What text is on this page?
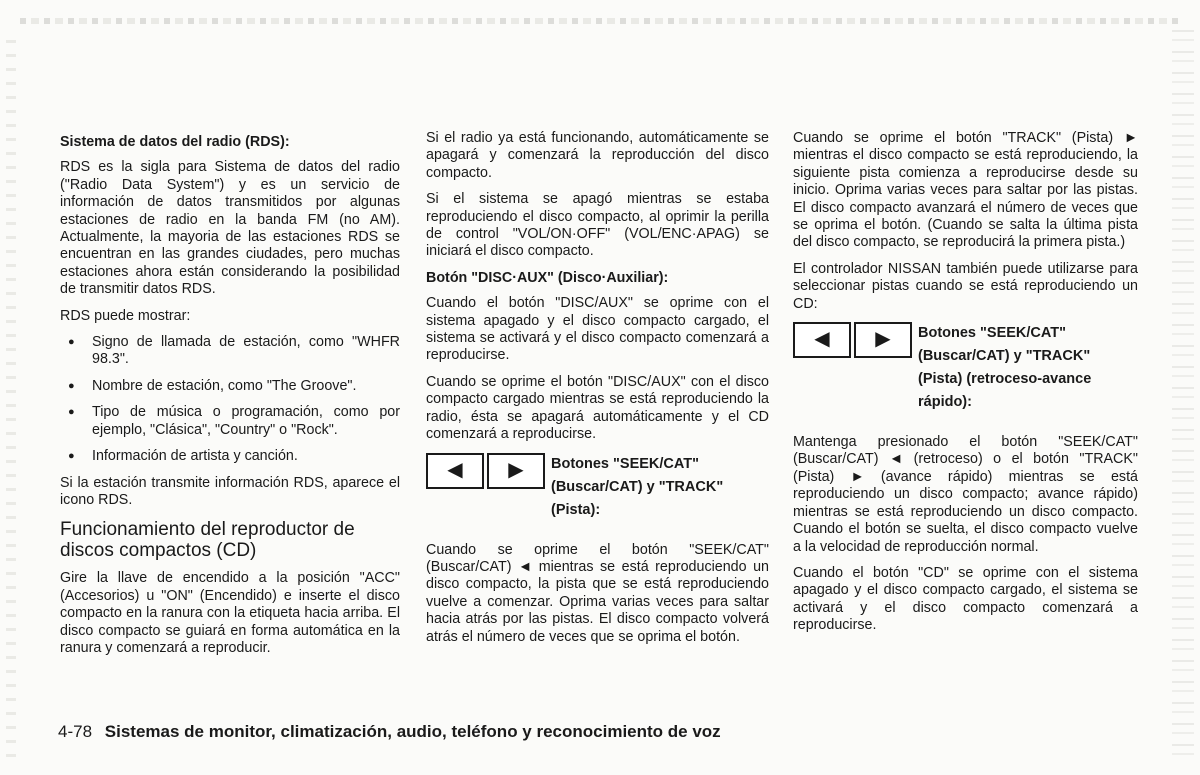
Sistema de datos del radio (RDS):

RDS es la sigla para Sistema de datos del radio ("Radio Data System") y es un servicio de información de datos transmitidos por algunas estaciones de radio en la banda FM (no AM). Actualmente, la mayoria de las estaciones RDS se encuentran en las grandes ciudades, pero muchas estaciones ahora están considerando la posibilidad de transmitir datos RDS.

RDS puede mostrar:

● Signo de llamada de estación, como "WHFR 98.3".
● Nombre de estación, como "The Groove".
● Tipo de música o programación, como por ejemplo, "Clásica", "Country" o "Rock".
● Información de artista y canción.

Si la estación transmite información RDS, aparece el icono RDS.

Funcionamiento del reproductor de discos compactos (CD)

Gire la llave de encendido a la posición "ACC" (Accesorios) u "ON" (Encendido) e inserte el disco compacto en la ranura con la etiqueta hacia arriba. El disco compacto se guiará en forma automática en la ranura y comenzará a reproducir.

Si el radio ya está funcionando, automáticamente se apagará y comenzará la reproducción del disco compacto.

Si el sistema se apagó mientras se estaba reproduciendo el disco compacto, al oprimir la perilla de control "VOL/ON·OFF" (VOL/ENC·APAG) se iniciará el disco compacto.

Botón "DISC·AUX" (Disco·Auxiliar):

Cuando el botón "DISC/AUX" se oprime con el sistema apagado y el disco compacto cargado, el sistema se activará y el disco compacto comenzará a reproducirse.

Cuando se oprime el botón "DISC/AUX" con el disco compacto cargado mientras se está reproduciendo la radio, ésta se apagará automáticamente y el CD comenzará a reproducirse.

◀ ▶ Botones "SEEK/CAT" (Buscar/CAT) y "TRACK" (Pista):

Cuando se oprime el botón "SEEK/CAT" (Buscar/CAT) ◄ mientras se está reproduciendo un disco compacto, la pista que se está reproduciendo vuelve a comenzar. Oprima varias veces para saltar hacia atrás por las pistas. El disco compacto volverá atrás el número de veces que se oprima el botón.

Cuando se oprime el botón "TRACK" (Pista) ► mientras el disco compacto se está reproduciendo, la siguiente pista comienza a reproducirse desde su inicio. Oprima varias veces para saltar por las pistas. El disco compacto avanzará el número de veces que se oprima el botón. (Cuando se salta la última pista del disco compacto, se reproducirá la primera pista.)

El controlador NISSAN también puede utilizarse para seleccionar pistas cuando se está reproduciendo un CD:

◀ ▶ Botones "SEEK/CAT" (Buscar/CAT) y "TRACK" (Pista) (retroceso-avance rápido):

Mantenga presionado el botón "SEEK/CAT" (Buscar/CAT) ◄ (retroceso) o el botón "TRACK" (Pista) ► (avance rápido) mientras se está reproduciendo un disco compacto; avance rápido) mientras se está reproduciendo un disco compacto. Cuando el botón se suelta, el disco compacto vuelve a la velocidad de reproducción normal.

Cuando el botón "CD" se oprime con el sistema apagado y el disco compacto cargado, el sistema se activará y el disco compacto comenzará a reproducirse.

4-78 Sistemas de monitor, climatización, audio, teléfono y reconocimiento de voz
